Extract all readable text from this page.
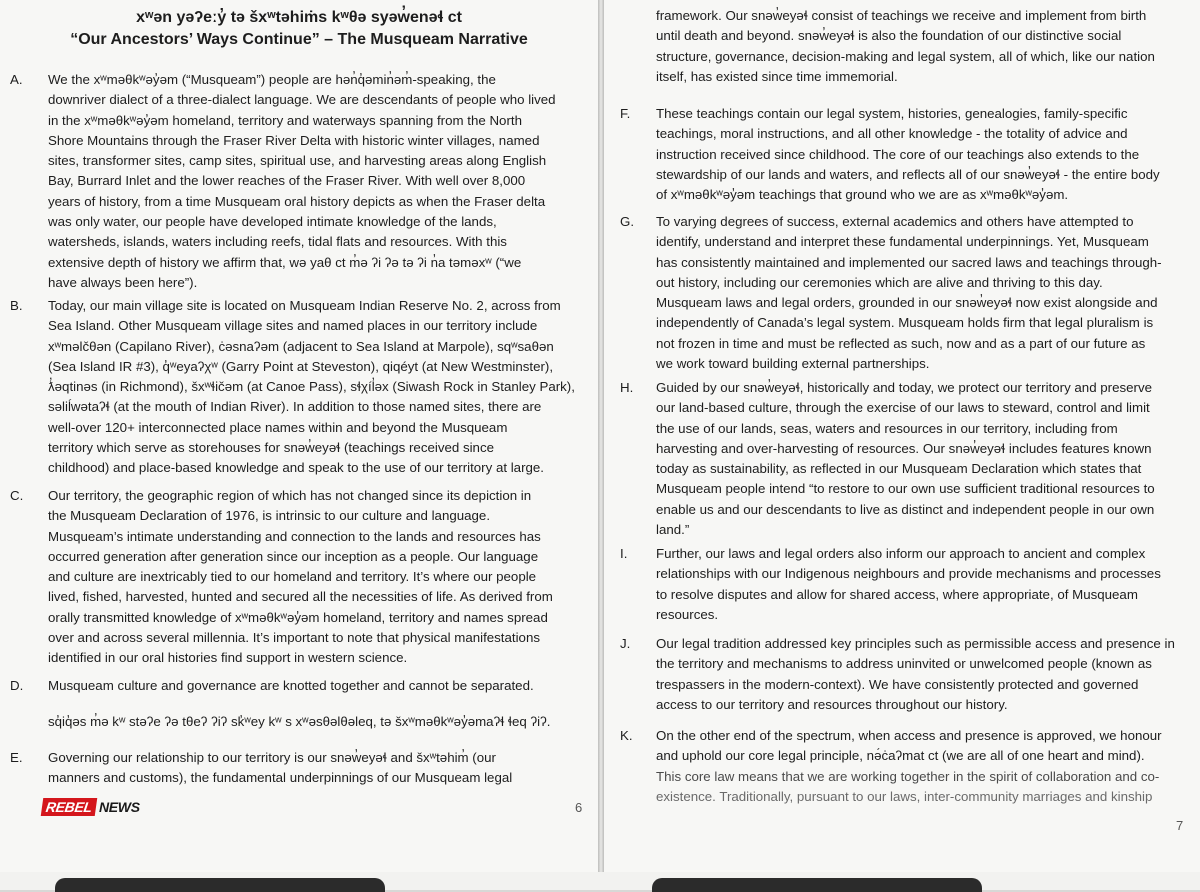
xʷən yəʔeːy̓ tə šxʷtəhiṁs kʷθə syəw̓enəɬ ct
“Our Ancestors’ Ways Continue” – The Musqueam Narrative
A. We the xʷməθkʷəy̓əm (“Musqueam”) people are hən̓q̓əmin̓əm̓-speaking, the
downriver dialect of a three-dialect language. We are descendants of people who lived
in the xʷməθkʷəy̓əm homeland, territory and waterways spanning from the North
Shore Mountains through the Fraser River Delta with historic winter villages, named
sites, transformer sites, camp sites, spiritual use, and harvesting areas along English
Bay, Burrard Inlet and the lower reaches of the Fraser River. With well over 8,000
years of history, from a time Musqueam oral history depicts as when the Fraser delta
was only water, our people have developed intimate knowledge of the lands,
watersheds, islands, waters including reefs, tidal flats and resources. With this
extensive depth of history we affirm that, wə yaθ ct m̓ə ʔi ʔə tə ʔi n̓a təməxʷ (“we
have always been here”).
B. Today, our main village site is located on Musqueam Indian Reserve No. 2, across from
Sea Island. Other Musqueam village sites and named places in our territory include
xʷməlčθən (Capilano River), ċəsnaʔəm (adjacent to Sea Island at Marpole), sqʷsaθən
(Sea Island IR #3), q̓ʷeyaʔχʷ (Garry Point at Steveston), qiqéyt (at New Westminster),
ƛ̓əqtinəs (in Richmond), šxʷɬičəm (at Canoe Pass), sɬχíl̓əx (Siwash Rock in Stanley Park),
səliĺwətaʔɬ (at the mouth of Indian River). In addition to those named sites, there are
well-over 120+ interconnected place names within and beyond the Musqueam
territory which serve as storehouses for snəw̓eyəɬ (teachings received since
childhood) and place-based knowledge and speak to the use of our territory at large.
C. Our territory, the geographic region of which has not changed since its depiction in
the Musqueam Declaration of 1976, is intrinsic to our culture and language.
Musqueam’s intimate understanding and connection to the lands and resources has
occurred generation after generation since our inception as a people. Our language
and culture are inextricably tied to our homeland and territory. It’s where our people
lived, fished, harvested, hunted and secured all the necessities of life. As derived from
orally transmitted knowledge of xʷməθkʷəy̓əm homeland, territory and names spread
over and across several millennia. It’s important to note that physical manifestations
identified in our oral histories find support in western science.
D. Musqueam culture and governance are knotted together and cannot be separated.
sq̓iq̓əs m̓ə kʷ stəʔe ʔə tθeʔ ʔiʔ sk̓ʷey kʷ s xʷəsθəlθəleq, tə šxʷməθkʷəy̓əmaʔɬ ɬeq ʔiʔ.
E. Governing our relationship to our territory is our snəw̓eyəɬ and šxʷtəhim̓ (our
manners and customs), the fundamental underpinnings of our Musqueam legal
REBEL NEWS	6
framework. Our snəw̓eyəɬ consist of teachings we receive and implement from birth
until death and beyond. snəw̓eyəɬ is also the foundation of our distinctive social
structure, governance, decision-making and legal system, all of which, like our nation
itself, has existed since time immemorial.
F. These teachings contain our legal system, histories, genealogies, family-specific
teachings, moral instructions, and all other knowledge - the totality of advice and
instruction received since childhood. The core of our teachings also extends to the
stewardship of our lands and waters, and reflects all of our snəw̓eyəɬ - the entire body
of xʷməθkʷəy̓əm teachings that ground who we are as xʷməθkʷəy̓əm.
G. To varying degrees of success, external academics and others have attempted to
identify, understand and interpret these fundamental underpinnings. Yet, Musqueam
has consistently maintained and implemented our sacred laws and teachings through-
out history, including our ceremonies which are alive and thriving to this day.
Musqueam laws and legal orders, grounded in our snəw̓eyəɬ now exist alongside and
independently of Canada’s legal system. Musqueam holds firm that legal pluralism is
not frozen in time and must be reflected as such, now and as a part of our future as
we work toward building external partnerships.
H. Guided by our snəw̓eyəɬ, historically and today, we protect our territory and preserve
our land-based culture, through the exercise of our laws to steward, control and limit
the use of our lands, seas, waters and resources in our territory, including from
harvesting and over-harvesting of resources. Our snəw̓eyəɬ includes features known
today as sustainability, as reflected in our Musqueam Declaration which states that
Musqueam people intend “to restore to our own use sufficient traditional resources to
enable us and our descendants to live as distinct and independent people in our own
land.”
I. Further, our laws and legal orders also inform our approach to ancient and complex
relationships with our Indigenous neighbours and provide mechanisms and processes
to resolve disputes and allow for shared access, where appropriate, of Musqueam
resources.
J. Our legal tradition addressed key principles such as permissible access and presence in
the territory and mechanisms to address uninvited or unwelcomed people (known as
trespassers in the modern-context). We have consistently protected and governed
access to our territory and resources throughout our history.
K. On the other end of the spectrum, when access and presence is approved, we honour
and uphold our core legal principle, nə́ċaʔmat ct (we are all of one heart and mind).
This core law means that we are working together in the spirit of collaboration and co-
existence. Traditionally, pursuant to our laws, inter-community marriages and kinship
7
